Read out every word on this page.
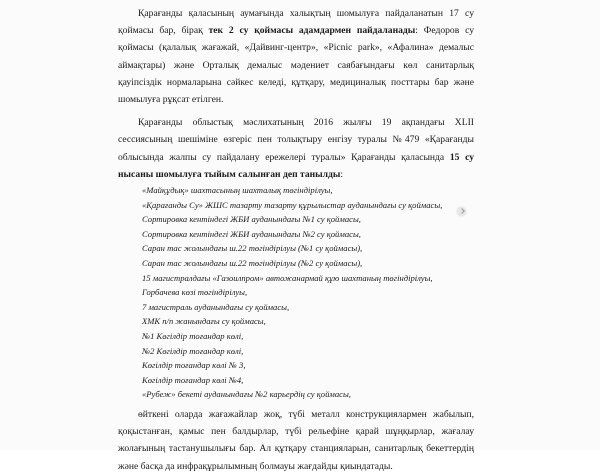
Қарағанды қаласының аумағында халықтың шомылуға пайдаланатын 17 су қоймасы бар, бірақ тек 2 су қоймасы адамдармен пайдаланады: Федоров су қоймасы (қалалық жағажай, «Дайвинг-центр», «Picnic park», «Афалина» демалыс аймақтары) және Орталық демалыс мәдениет саябағындағы көл санитарлық қауіпсіздік нормаларына сәйкес келеді, құтқару, медициналық посттары бар және шомылуға рұқсат етілген.

Қарағанды облыстық мәслихатының 2016 жылғы 19 ақпандағы XLII сессиясының шешіміне өзгеріс пен толықтыру енгізу туралы №479 «Қарағанды облысында жалпы су пайдалану ережелері туралы» Қарағанды қаласында 15 су нысаны шомылуға тыйым салынған деп танылды:

«Майқұдық» шахтасының шахталық төгіндірілуы,
«Қарағанды Су» ЖШС тазарту тазарту құрылыстар ауданындағы су қоймасы,
Сортировка кентіндегі ЖБИ ауданындағы №1 су қоймасы,
Сортировка кентіндегі ЖБИ ауданындағы №2 су қоймасы,
Саран тас жолындағы ш.22 төгіндірілуы (№1 су қоймасы),
Саран тас жолындағы ш.22 төгіндірілуы (№2 су қоймасы),
15 магистралдағы «Газоилпром» автожанармай құю шахтаның төгіндірілуы,
Горбачева көзі төгіндірілуы,
7 магистраль ауданындағы су қоймасы,
ХМК п/п жанындағы су қоймасы,
№1 Көгілдір тоғандар көлі,
№2 Көгілдір тоғандар көлі,
Көгілдір тоғандар көлі № 3,
Көгілдір тоғандар көлі №4,
«Рубеж» бекеті ауданындағы №2 карьердің су қоймасы,

өйткені оларда жағажайлар жоқ, түбі металл конструкциялармен жабылып, қоқыстанған, қамыс пен балдырлар, түбі рельефіне қарай шұңқырлар, жағалау жолағының тастанушылығы бар. Ал құтқару станцияларын, санитарлық бекеттердің және басқа да инфрақұрылымның болмауы жағдайды қиындатады.
